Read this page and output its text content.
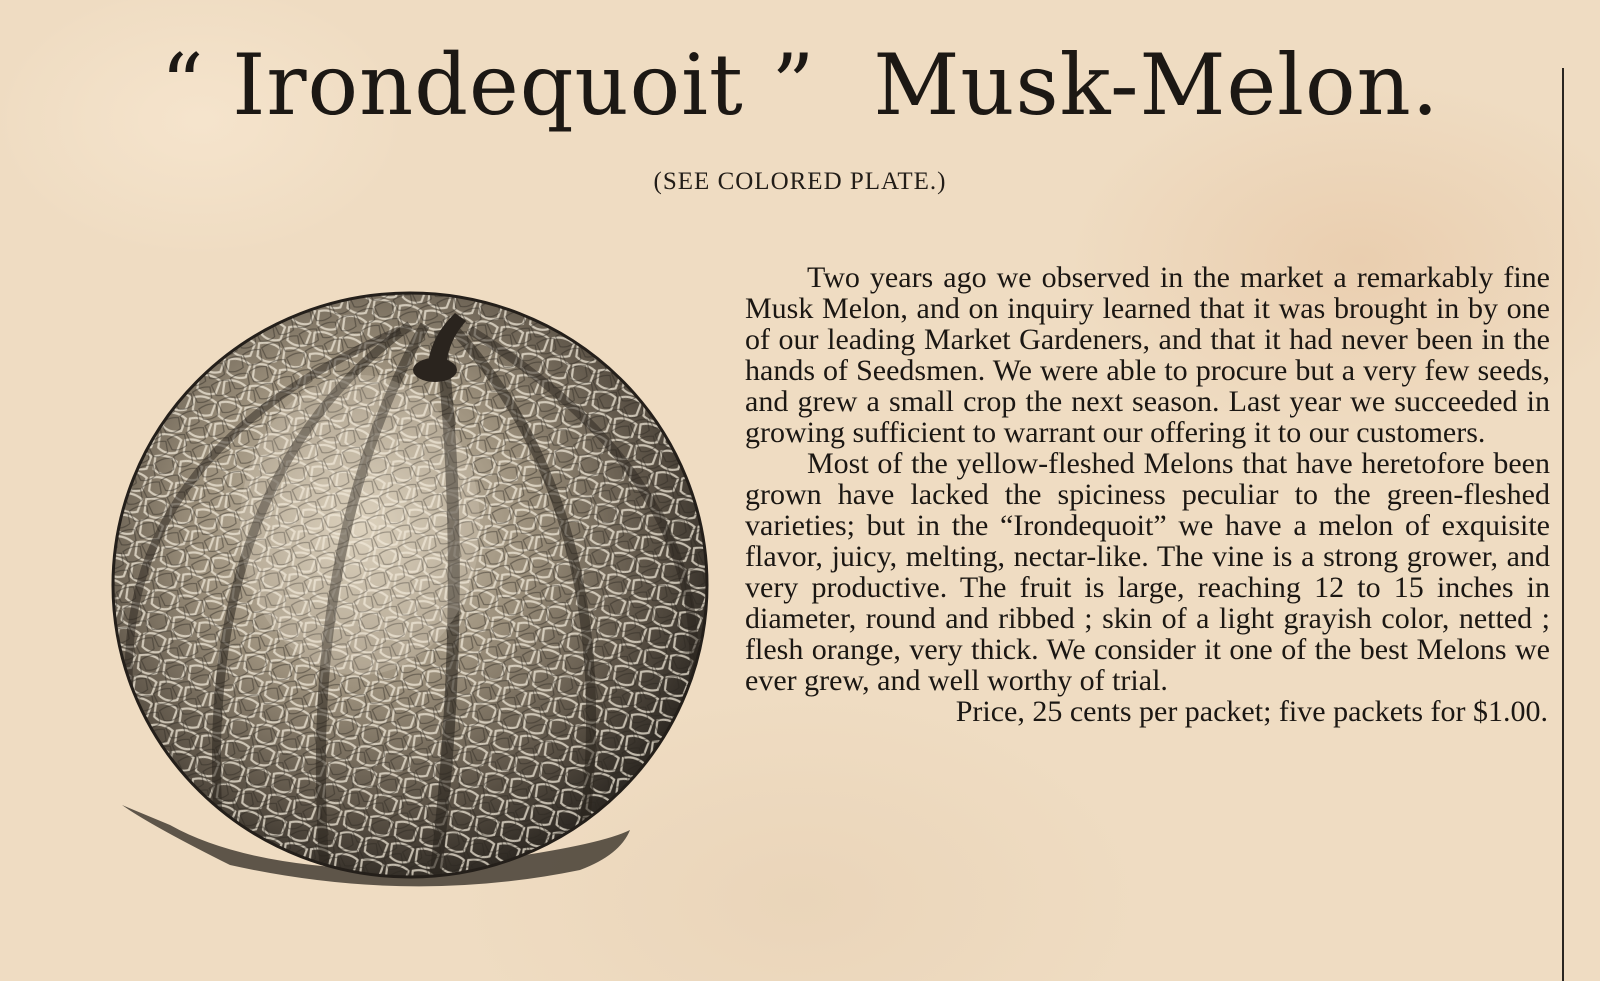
“ Irondequoit ” Musk-Melon.
(SEE COLORED PLATE.)

Two years ago we observed in the market a remarkably fine Musk Melon, and on inquiry learned that it was brought in by one of our leading Market Gardeners, and that it had never been in the hands of Seedsmen. We were able to procure but a very few seeds, and grew a small crop the next season. Last year we succeeded in growing sufficient to warrant our offering it to our customers.

Most of the yellow-fleshed Melons that have heretofore been grown have lacked the spiciness peculiar to the green-fleshed varieties; but in the “Irondequoit” we have a melon of exquisite flavor, juicy, melting, nectar-like. The vine is a strong grower, and very productive. The fruit is large, reaching 12 to 15 inches in diameter, round and ribbed ; skin of a light grayish color, netted ; flesh orange, very thick. We consider it one of the best Melons we ever grew, and well worthy of trial.

Price, 25 cents per packet; five packets for $1.00.
